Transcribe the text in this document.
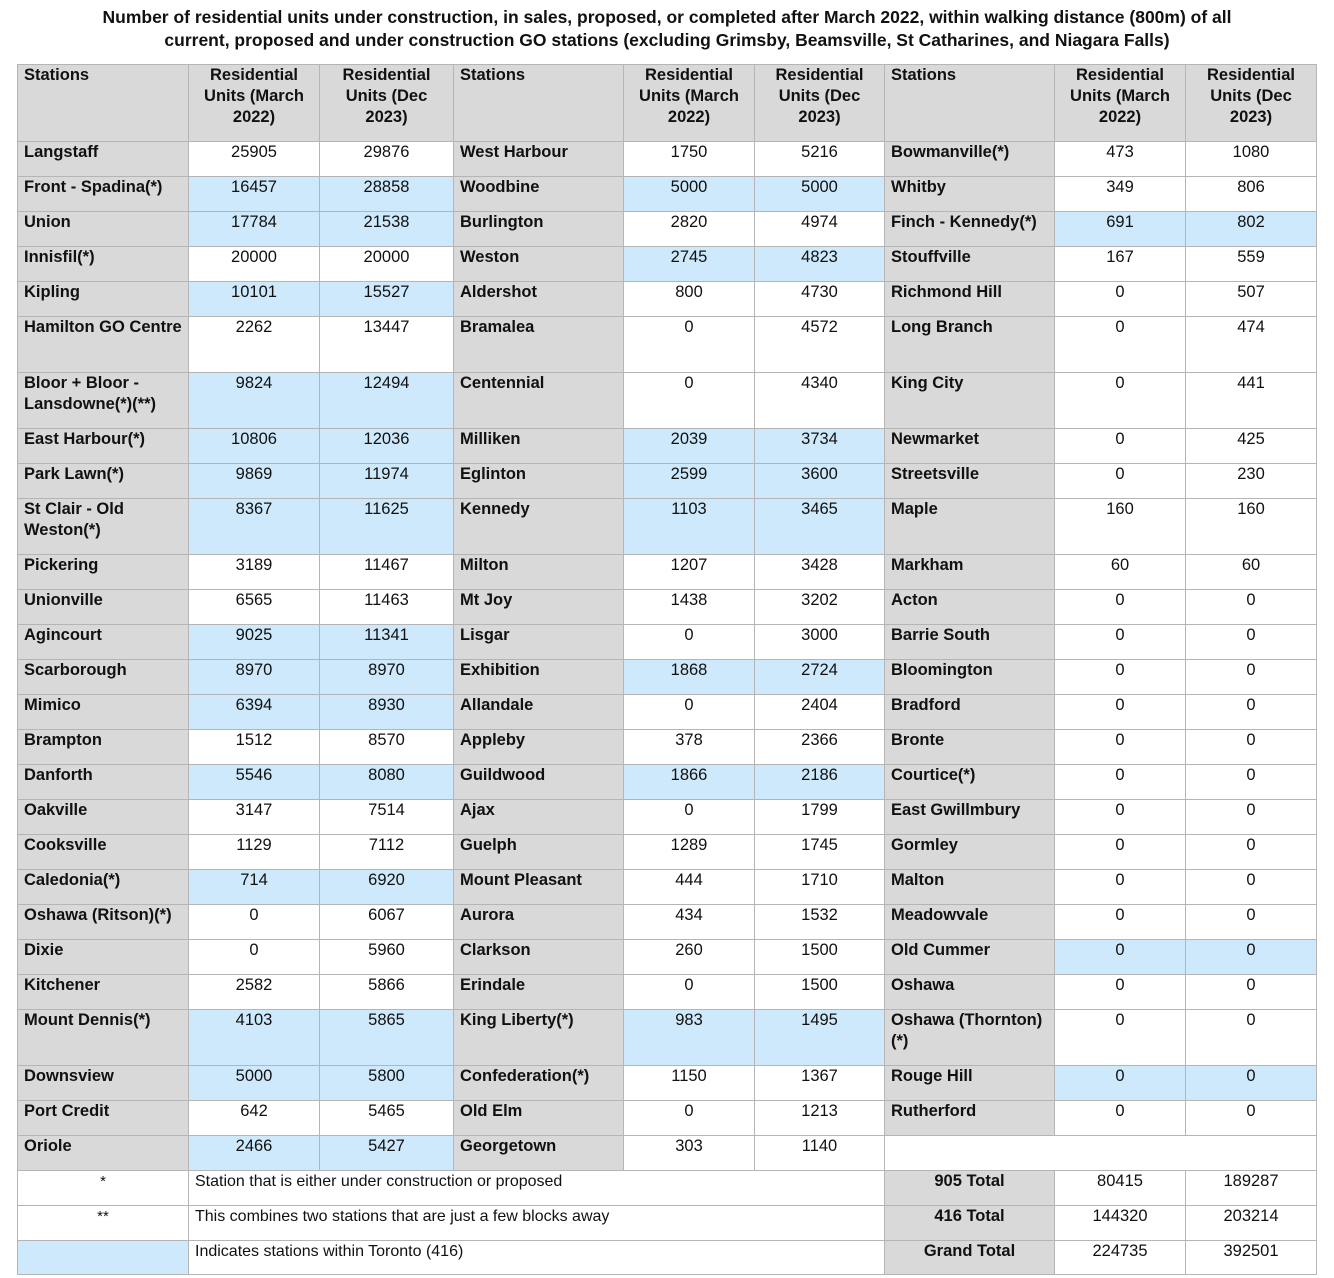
Number of residential units under construction, in sales, proposed, or completed after March 2022, within walking distance (800m) of all
current, proposed and under construction GO stations (excluding Grimsby, Beamsville, St Catharines, and Niagara Falls)
Stations	Residential Units (March 2022)	Residential Units (Dec 2023)	Stations	Residential Units (March 2022)	Residential Units (Dec 2023)	Stations	Residential Units (March 2022)	Residential Units (Dec 2023)
Langstaff	25905	29876	West Harbour	1750	5216	Bowmanville(*)	473	1080
Front - Spadina(*)	16457	28858	Woodbine	5000	5000	Whitby	349	806
Union	17784	21538	Burlington	2820	4974	Finch - Kennedy(*)	691	802
Innisfil(*)	20000	20000	Weston	2745	4823	Stouffville	167	559
Kipling	10101	15527	Aldershot	800	4730	Richmond Hill	0	507
Hamilton GO Centre	2262	13447	Bramalea	0	4572	Long Branch	0	474
Bloor + Bloor - Lansdowne(*)(**)	9824	12494	Centennial	0	4340	King City	0	441
East Harbour(*)	10806	12036	Milliken	2039	3734	Newmarket	0	425
Park Lawn(*)	9869	11974	Eglinton	2599	3600	Streetsville	0	230
St Clair - Old Weston(*)	8367	11625	Kennedy	1103	3465	Maple	160	160
Pickering	3189	11467	Milton	1207	3428	Markham	60	60
Unionville	6565	11463	Mt Joy	1438	3202	Acton	0	0
Agincourt	9025	11341	Lisgar	0	3000	Barrie South	0	0
Scarborough	8970	8970	Exhibition	1868	2724	Bloomington	0	0
Mimico	6394	8930	Allandale	0	2404	Bradford	0	0
Brampton	1512	8570	Appleby	378	2366	Bronte	0	0
Danforth	5546	8080	Guildwood	1866	2186	Courtice(*)	0	0
Oakville	3147	7514	Ajax	0	1799	East Gwillmbury	0	0
Cooksville	1129	7112	Guelph	1289	1745	Gormley	0	0
Caledonia(*)	714	6920	Mount Pleasant	444	1710	Malton	0	0
Oshawa (Ritson)(*)	0	6067	Aurora	434	1532	Meadowvale	0	0
Dixie	0	5960	Clarkson	260	1500	Old Cummer	0	0
Kitchener	2582	5866	Erindale	0	1500	Oshawa	0	0
Mount Dennis(*)	4103	5865	King Liberty(*)	983	1495	Oshawa (Thornton)(*)	0	0
Downsview	5000	5800	Confederation(*)	1150	1367	Rouge Hill	0	0
Port Credit	642	5465	Old Elm	0	1213	Rutherford	0	0
Oriole	2466	5427	Georgetown	303	1140			
*	Station that is either under construction or proposed					905 Total	80415	189287
**	This combines two stations that are just a few blocks away					416 Total	144320	203214
	Indicates stations within Toronto (416)					Grand Total	224735	392501
